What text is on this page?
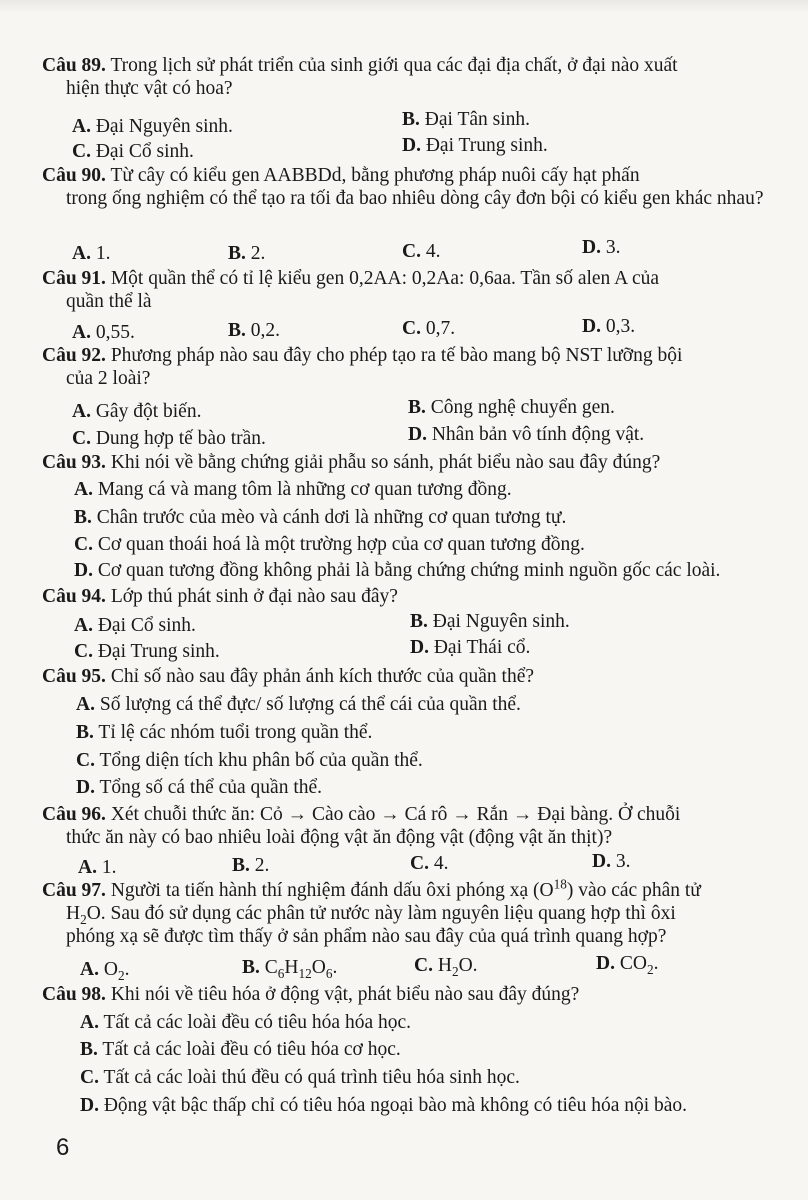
Câu 89. Trong lịch sử phát triển của sinh giới qua các đại địa chất, ở đại nào xuất
hiện thực vật có hoa?
A. Đại Nguyên sinh.	B. Đại Tân sinh.
C. Đại Cổ sinh.	D. Đại Trung sinh.
Câu 90. Từ cây có kiểu gen AABBDd, bằng phương pháp nuôi cấy hạt phấn
trong ống nghiệm có thể tạo ra tối đa bao nhiêu dòng cây đơn bội có kiểu gen khác nhau?
A. 1.	B. 2.	C. 4.	D. 3.
Câu 91. Một quần thể có tỉ lệ kiểu gen 0,2AA: 0,2Aa: 0,6aa. Tần số alen A của
quần thể là
A. 0,55.	B. 0,2.	C. 0,7.	D. 0,3.
Câu 92. Phương pháp nào sau đây cho phép tạo ra tế bào mang bộ NST lưỡng bội
của 2 loài?
A. Gây đột biến.	B. Công nghệ chuyển gen.
C. Dung hợp tế bào trần.	D. Nhân bản vô tính động vật.
Câu 93. Khi nói về bằng chứng giải phẫu so sánh, phát biểu nào sau đây đúng?
A. Mang cá và mang tôm là những cơ quan tương đồng.
B. Chân trước của mèo và cánh dơi là những cơ quan tương tự.
C. Cơ quan thoái hoá là một trường hợp của cơ quan tương đồng.
D. Cơ quan tương đồng không phải là bằng chứng chứng minh nguồn gốc các loài.
Câu 94. Lớp thú phát sinh ở đại nào sau đây?
A. Đại Cổ sinh.	B. Đại Nguyên sinh.
C. Đại Trung sinh.	D. Đại Thái cổ.
Câu 95. Chỉ số nào sau đây phản ánh kích thước của quần thể?
A. Số lượng cá thể đực/ số lượng cá thể cái của quần thể.
B. Tỉ lệ các nhóm tuổi trong quần thể.
C. Tổng diện tích khu phân bố của quần thể.
D. Tổng số cá thể của quần thể.
Câu 96. Xét chuỗi thức ăn: Cỏ → Cào cào → Cá rô → Rắn → Đại bàng. Ở chuỗi
thức ăn này có bao nhiêu loài động vật ăn động vật (động vật ăn thịt)?
A. 1.	B. 2.	C. 4.	D. 3.
Câu 97. Người ta tiến hành thí nghiệm đánh dấu ôxi phóng xạ $(O^{18})$ vào các phân tử
$H_2O$. Sau đó sử dụng các phân tử nước này làm nguyên liệu quang hợp thì ôxi
phóng xạ sẽ được tìm thấy ở sản phẩm nào sau đây của quá trình quang hợp?
A. $O_2$.	B. $C_6H_{12}O_6$.	C. $H_2O$.	D. $CO_2$.
Câu 98. Khi nói về tiêu hóa ở động vật, phát biểu nào sau đây đúng?
A. Tất cả các loài đều có tiêu hóa hóa học.
B. Tất cả các loài đều có tiêu hóa cơ học.
C. Tất cả các loài thú đều có quá trình tiêu hóa sinh học.
D. Động vật bậc thấp chỉ có tiêu hóa ngoại bào mà không có tiêu hóa nội bào.
6
